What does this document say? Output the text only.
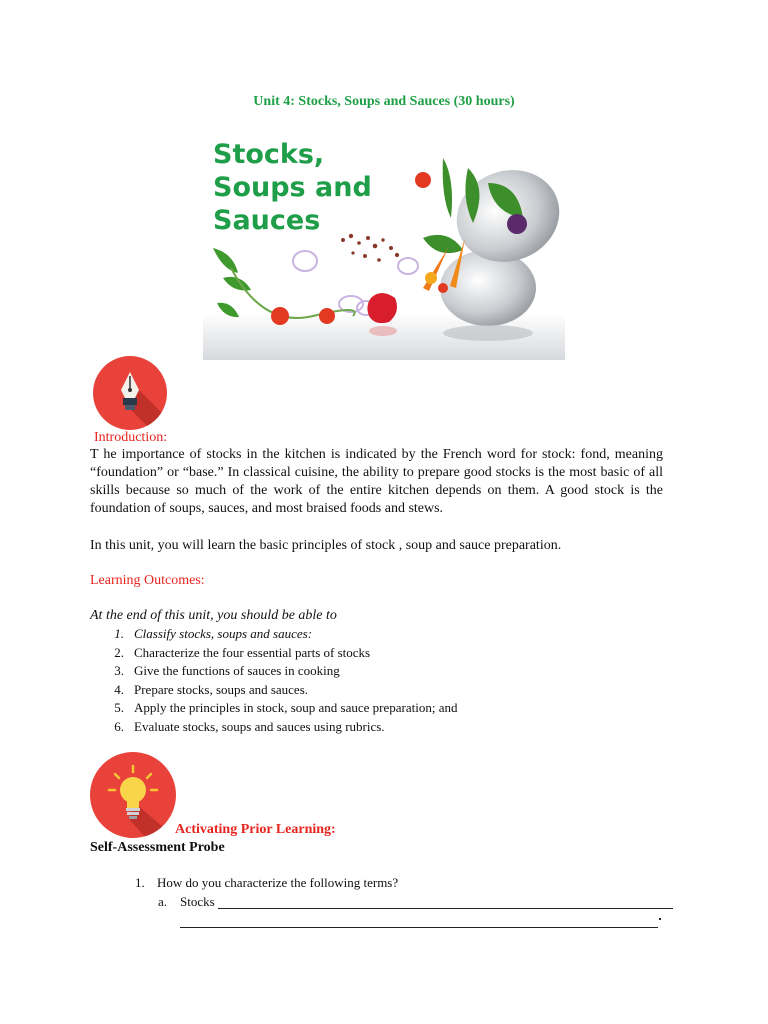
Unit 4: Stocks, Soups and Sauces (30 hours)
Stocks,
Soups and
Sauces
Introduction:
T he importance of stocks in the kitchen is indicated by the French word for stock: fond, meaning “foundation” or “base.” In classical cuisine, the ability to prepare good stocks is the most basic of all skills because so much of the work of the entire kitchen depends on them. A good stock is the foundation of soups, sauces, and most braised foods and stews.
In this unit, you will learn the basic principles of stock , soup and sauce preparation.
Learning Outcomes:
At the end of this unit, you should be able to
1. Classify stocks, soups and sauces:
2. Characterize the four essential parts of stocks
3. Give the functions of sauces in cooking
4. Prepare stocks, soups and sauces.
5. Apply the principles in stock, soup and sauce preparation; and
6. Evaluate stocks, soups and sauces using rubrics.
Activating Prior Learning:
Self-Assessment Probe
1. How do you characterize the following terms?
a. Stocks
